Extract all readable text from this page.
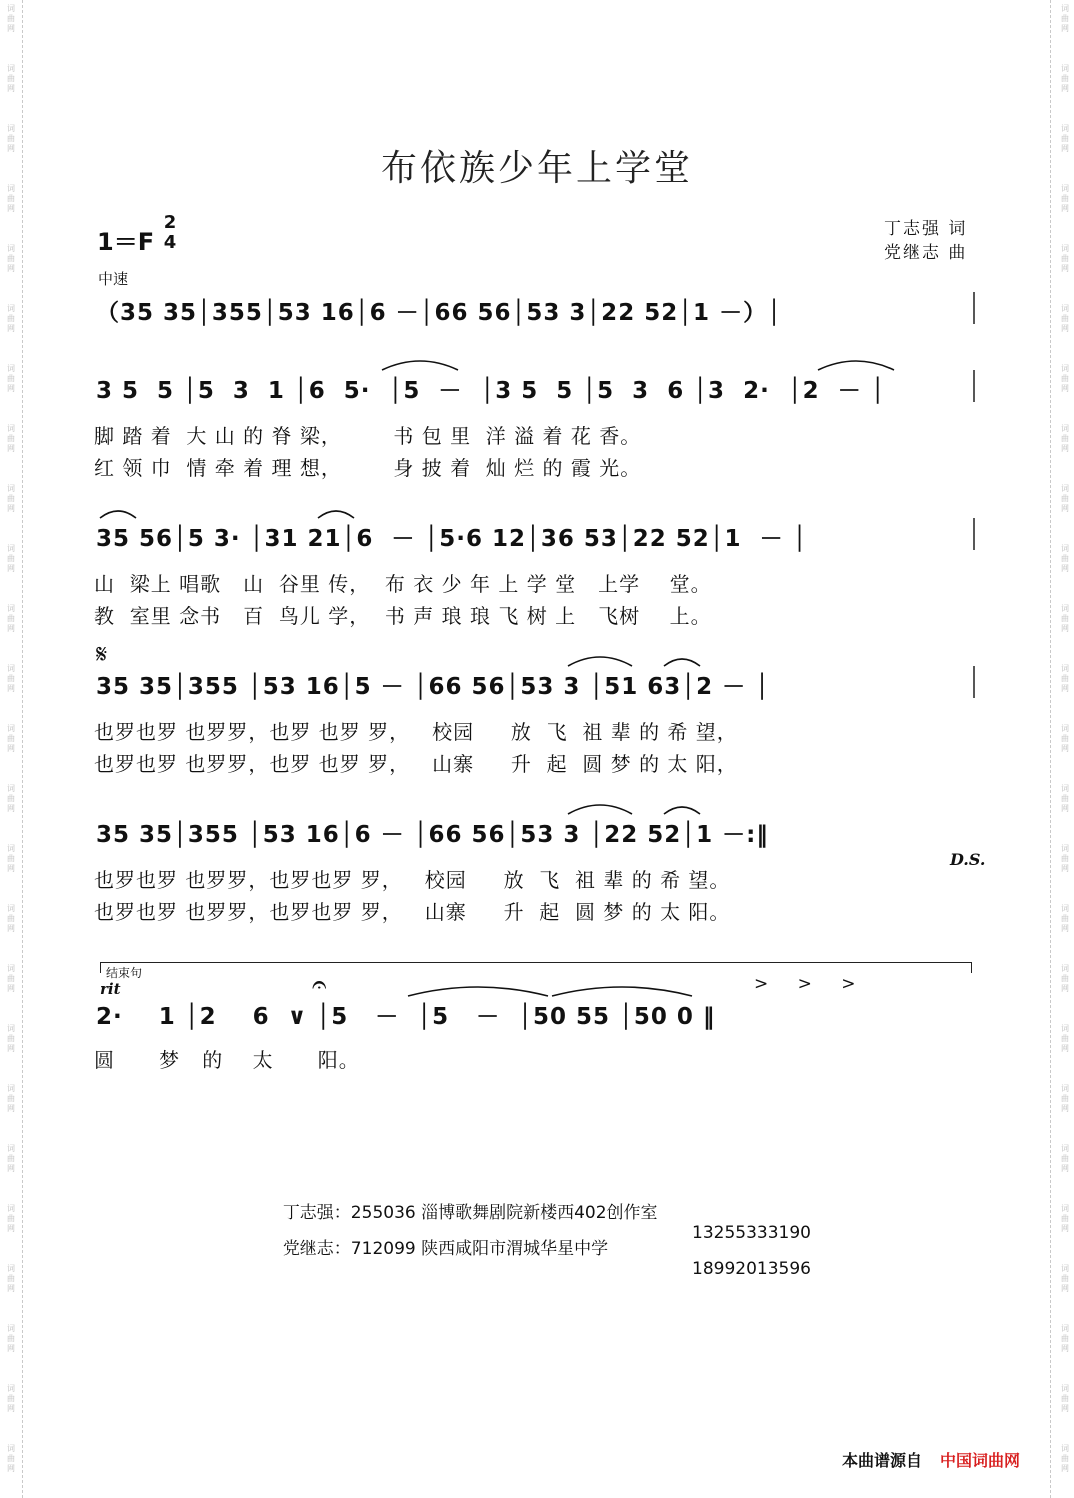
词
曲
网
词
曲
网
词
曲
网
词
曲
网
词
曲
网
词
曲
网
词
曲
网
词
曲
网
词
曲
网
词
曲
网
词
曲
网
词
曲
网
词
曲
网
词
曲
网
词
曲
网
词
曲
网
词
曲
网
词
曲
网
词
曲
网
词
曲
网
词
曲
网
词
曲
网
词
曲
网
词
曲
网
词
曲
网
词
曲
网
词
曲
网
词
曲
网
词
曲
网
词
曲
网
词
曲
网
词
曲
网
词
曲
网
词
曲
网
词
曲
网
词
曲
网
词
曲
网
词
曲
网
词
曲
网
词
曲
网
词
曲
网
词
曲
网
词
曲
网
词
曲
网
词
曲
网
词
曲
网
词
曲
网
词
曲
网
词
曲
网
词
曲
网
布依族少年上学堂
1＝F
2
4
丁志强 词
党继志 曲
中速
（35 35│355│53 16│6 －│66 56│53 3│22 52│1 －）│
3 5  5 │5  3  1 │6  5·  │5  －  │3 5  5 │5  3  6 │3  2·  │2  － │
脚 踏 着  大 山 的 脊 梁，       书 包 里  洋 溢 着 花 香。
红 领 巾  情 牵 着 理 想，       身 披 着  灿 烂 的 霞 光。
35 56│5 3· │31 21│6  － │5·6 12│36 53│22 52│1  － │
山  梁上 唱歌   山  谷里 传，  布 衣 少 年 上 学 堂   上学    堂。
教  室里 念书   百  鸟儿 学，  书 声 琅 琅 飞 树 上   飞树    上。
𝄋
35 35│355 │53 16│5 － │66 56│53 3 │51 63│2 － │
也罗也罗 也罗罗，也罗 也罗 罗，   校园     放  飞  祖 辈 的 希 望，
也罗也罗 也罗罗，也罗 也罗 罗，   山寨     升  起  圆 梦 的 太 阳，
35 35│355 │53 16│6 － │66 56│53 3 │22 52│1 －:‖
D.S.
也罗也罗 也罗罗，也罗也罗 罗，   校园     放  飞  祖 辈 的 希 望。
也罗也罗 也罗罗，也罗也罗 罗，   山寨     升  起  圆 梦 的 太 阳。
结束句
rit
2·    1 │2    6  ∨ │5   －  │5   －  │50 55 │50 0 ‖
圆      梦   的    太      阳。
𝄐	> > >

丁志强：255036 淄博歌舞剧院新楼西402创作室

13255333190

党继志：712099 陕西咸阳市渭城华星中学

18992013596

本曲谱源自 中国词曲网
